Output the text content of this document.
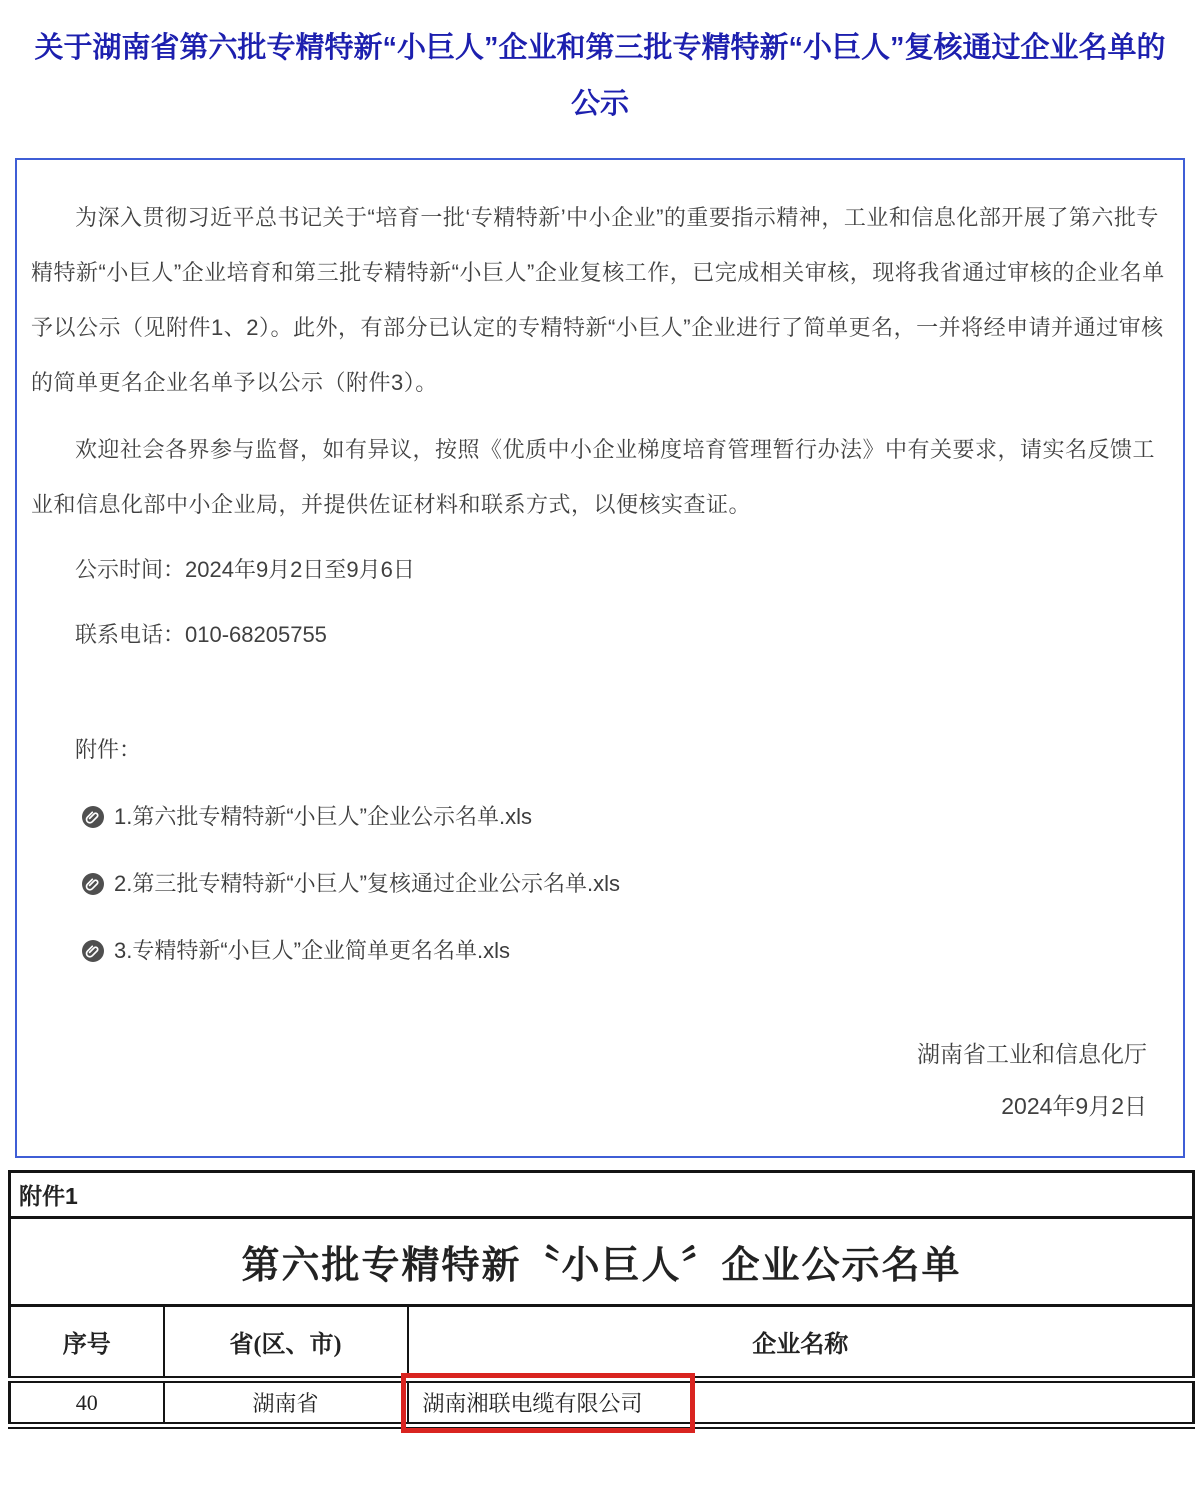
关于湖南省第六批专精特新“小巨人”企业和第三批专精特新“小巨人”复核通过企业名单的公示

为深入贯彻习近平总书记关于“培育一批‘专精特新’中小企业”的重要指示精神，工业和信息化部开展了第六批专精特新“小巨人”企业培育和第三批专精特新“小巨人”企业复核工作，已完成相关审核，现将我省通过审核的企业名单予以公示（见附件1、2）。此外，有部分已认定的专精特新“小巨人”企业进行了简单更名，一并将经申请并通过审核的简单更名企业名单予以公示（附件3）。

欢迎社会各界参与监督，如有异议，按照《优质中小企业梯度培育管理暂行办法》中有关要求，请实名反馈工业和信息化部中小企业局，并提供佐证材料和联系方式，以便核实查证。

公示时间：2024年9月2日至9月6日

联系电话：010-68205755

附件：

1.第六批专精特新“小巨人”企业公示名单.xls
2.第三批专精特新“小巨人”复核通过企业公示名单.xls
3.专精特新“小巨人”企业简单更名名单.xls

湖南省工业和信息化厅

2024年9月2日

附件1		
第六批专精特新〝小巨人〞企业公示名单		
序号	省(区、市)	企业名称
40	湖南省	湖南湘联电缆有限公司
